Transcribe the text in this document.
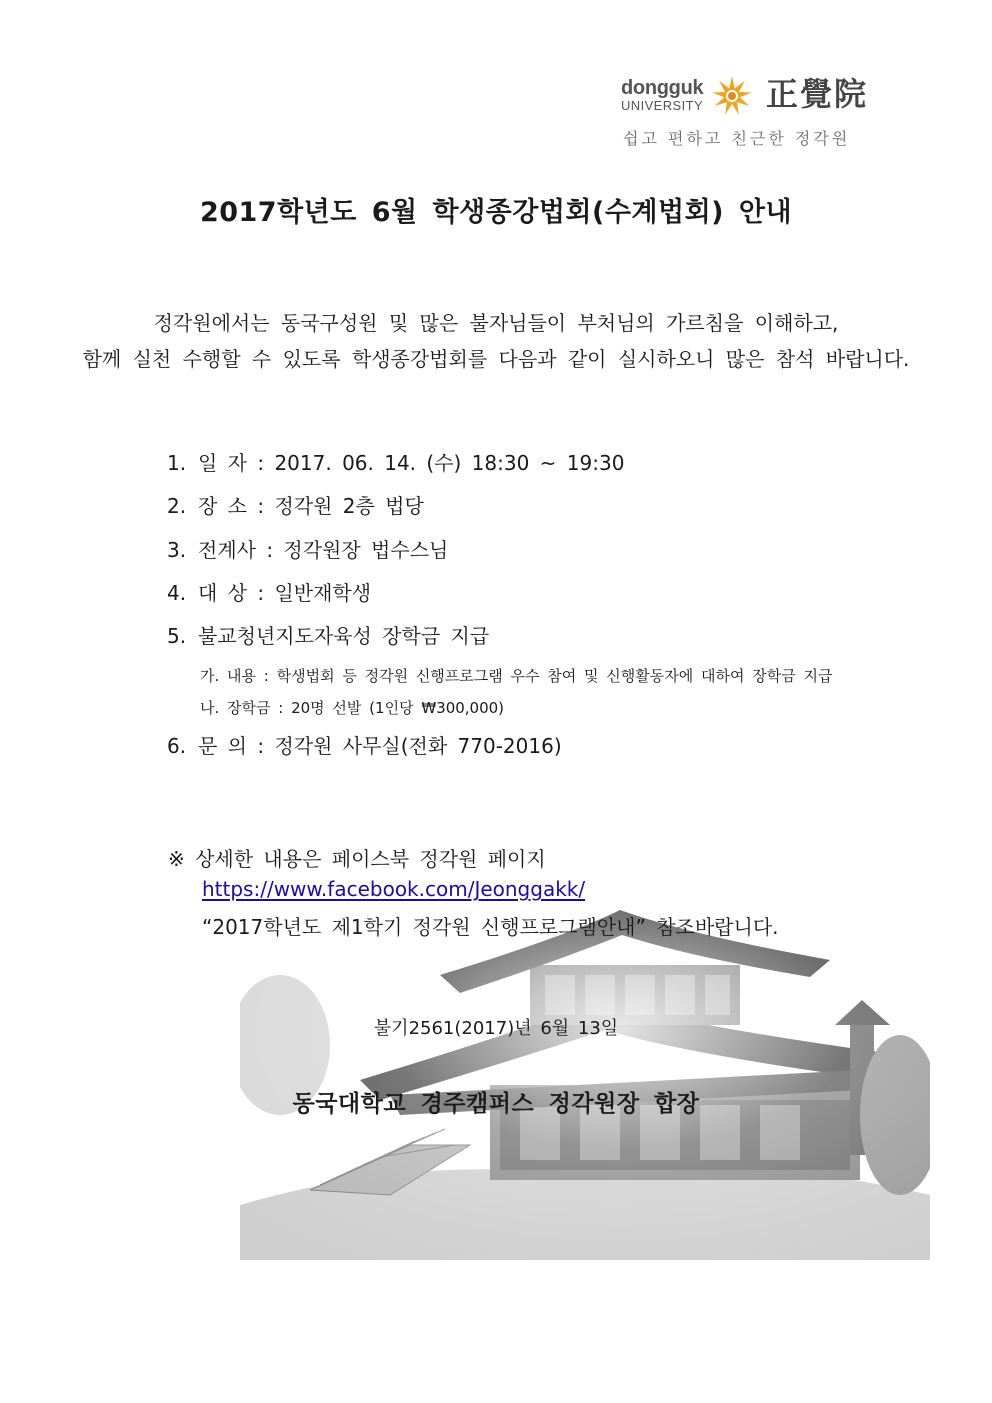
dongguk
UNIVERSITY 正覺院
쉽고 편하고 친근한 정각원
2017학년도 6월 학생종강법회(수계법회) 안내
정각원에서는 동국구성원 및 많은 불자님들이 부처님의 가르침을 이해하고,
함께 실천 수행할 수 있도록 학생종강법회를 다음과 같이 실시하오니 많은 참석 바랍니다.
1. 일 자 : 2017. 06. 14. (수) 18:30 ~ 19:30
2. 장 소 : 정각원 2층 법당
3. 전계사 : 정각원장 법수스님
4. 대 상 : 일반재학생
5. 불교청년지도자육성 장학금 지급
가. 내용 : 학생법회 등 정각원 신행프로그램 우수 참여 및 신행활동자에 대하여 장학금 지급
나. 장학금 : 20명 선발 (1인당 ₩300,000)
6. 문 의 : 정각원 사무실(전화 770-2016)
※ 상세한 내용은 페이스북 정각원 페이지
https://www.facebook.com/Jeonggakk/
“2017학년도 제1학기 정각원 신행프로그램안내” 참조바랍니다.
불기2561(2017)년 6월 13일
동국대학교 경주캠퍼스 정각원장 합장
